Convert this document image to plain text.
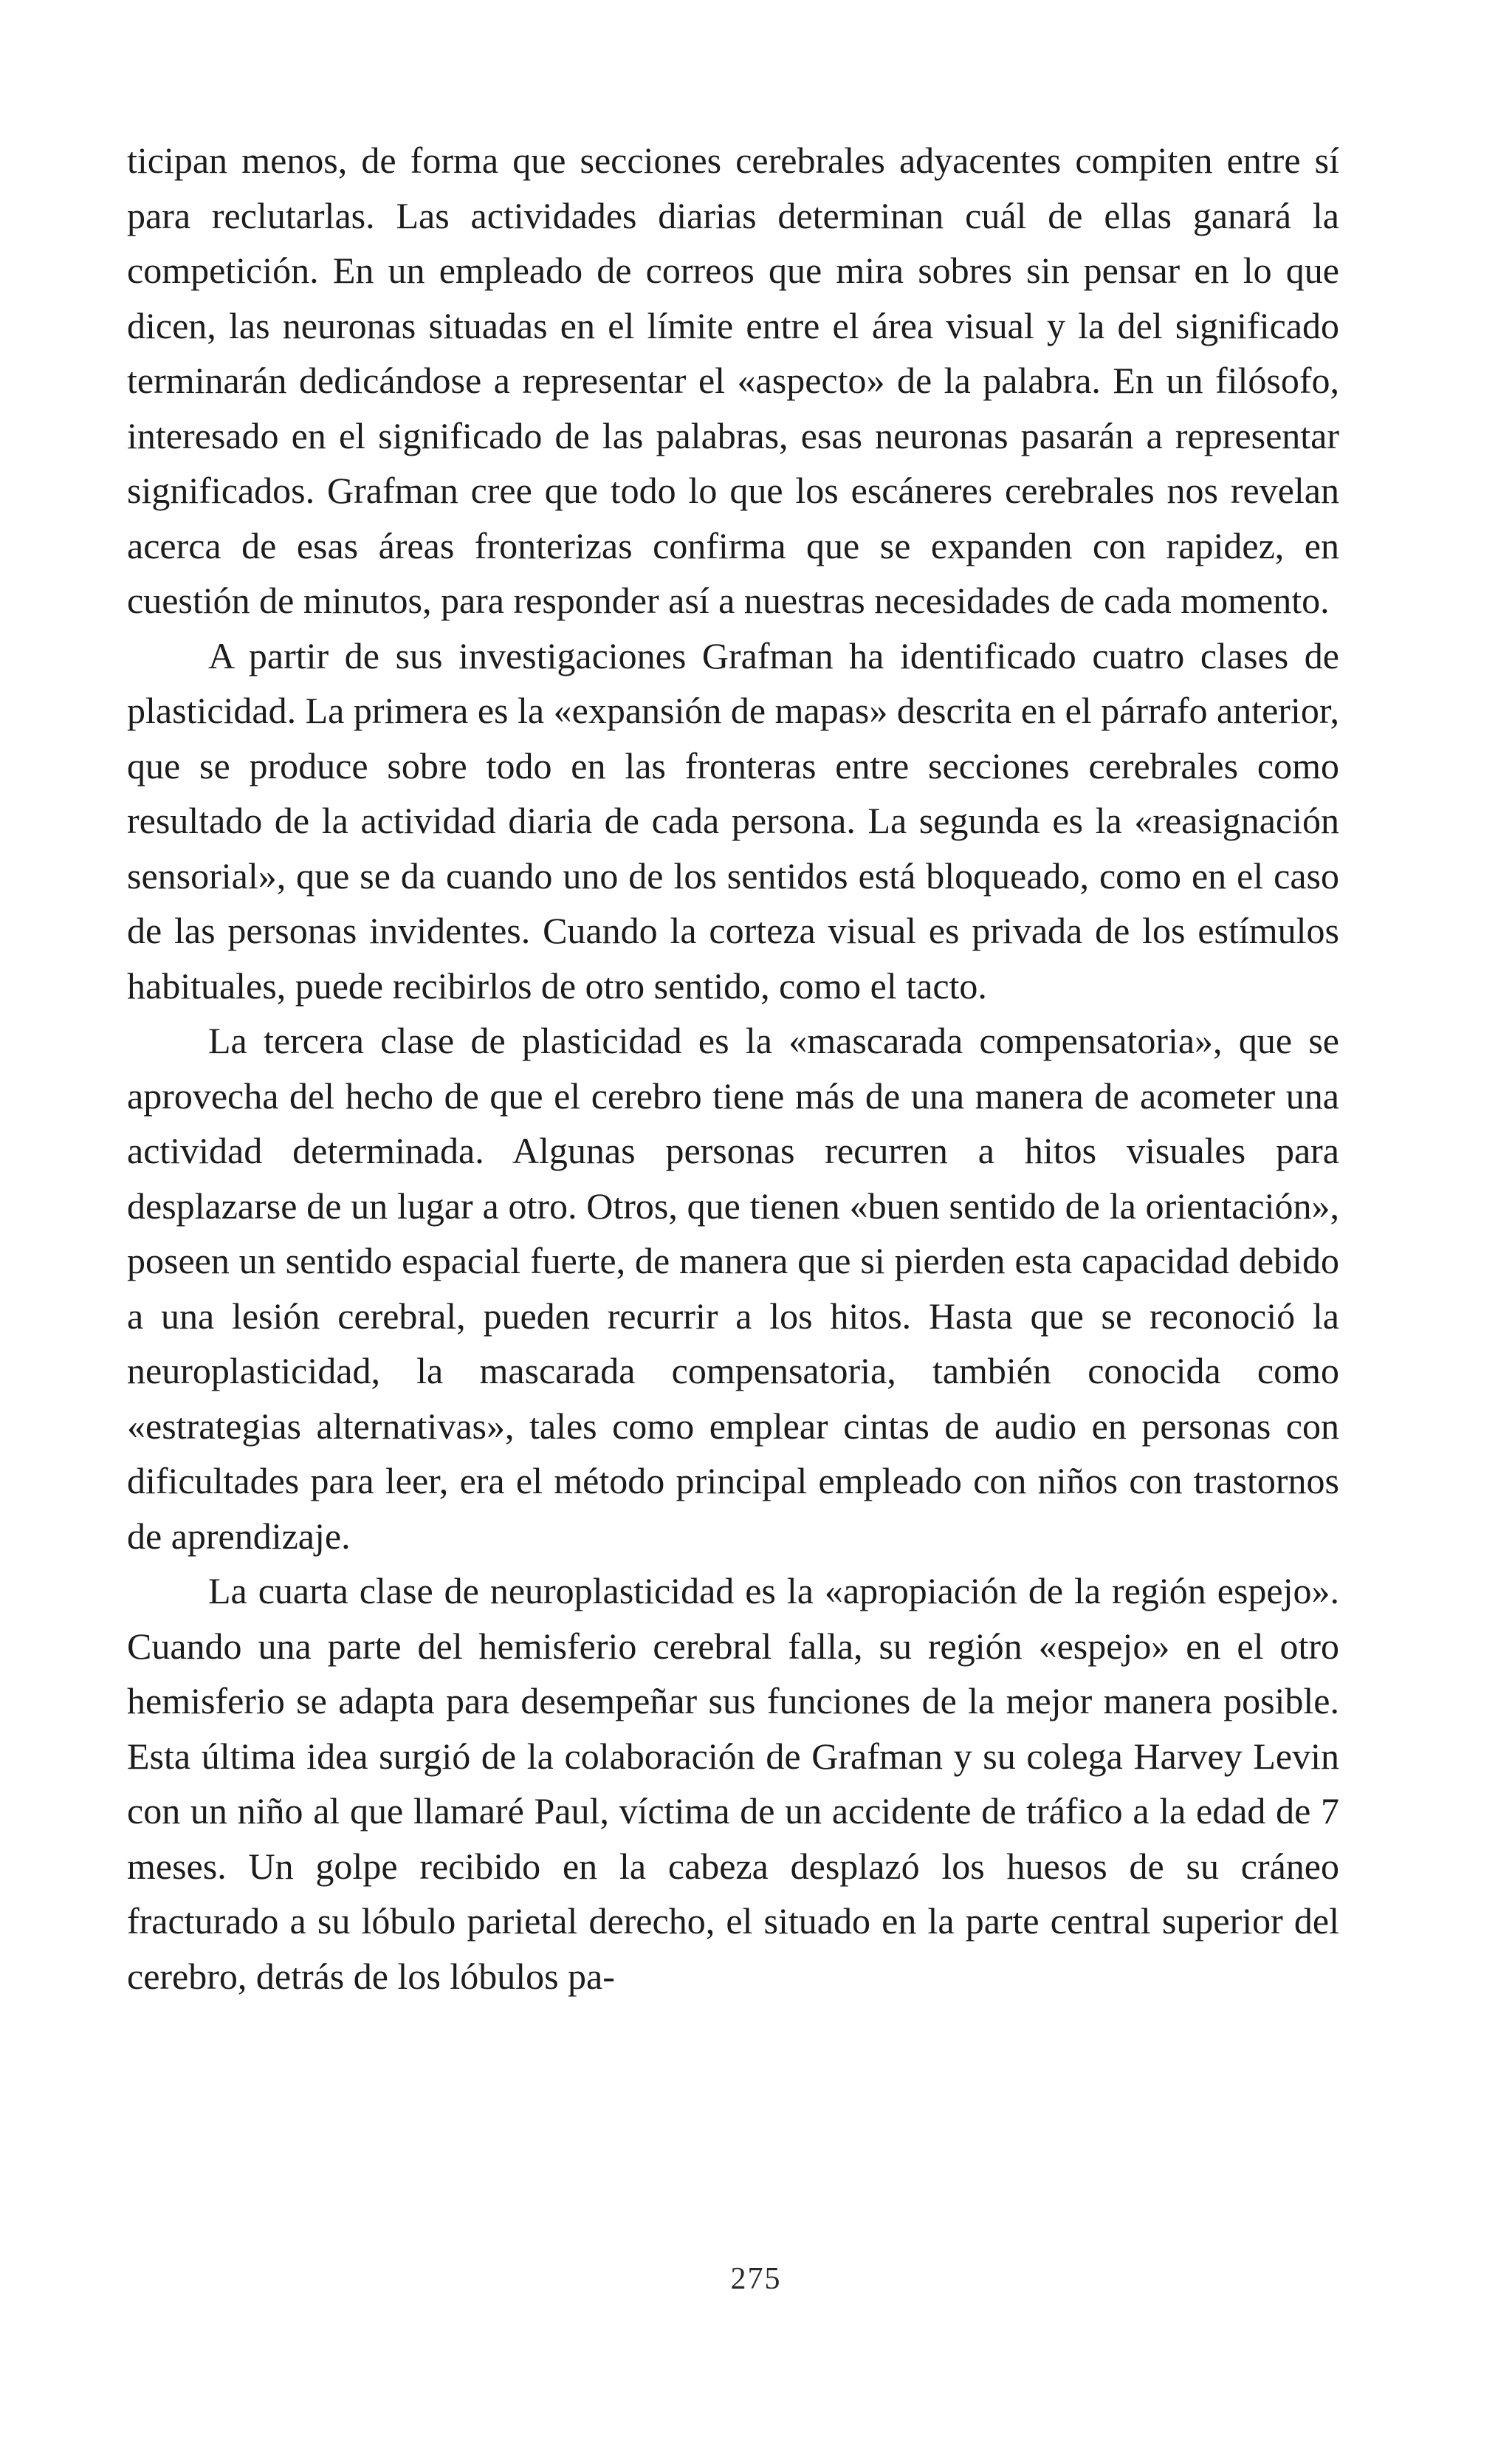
ticipan menos, de forma que secciones cerebrales adyacentes compiten entre sí para reclutarlas. Las actividades diarias determinan cuál de ellas ganará la competición. En un empleado de correos que mira sobres sin pensar en lo que dicen, las neuronas situadas en el límite entre el área visual y la del significado terminarán dedicándose a representar el «aspecto» de la palabra. En un filósofo, interesado en el significado de las palabras, esas neuronas pasarán a representar significados. Grafman cree que todo lo que los escáneres cerebrales nos revelan acerca de esas áreas fronterizas confirma que se expanden con rapidez, en cuestión de minutos, para responder así a nuestras necesidades de cada momento.

A partir de sus investigaciones Grafman ha identificado cuatro clases de plasticidad. La primera es la «expansión de mapas» descrita en el párrafo anterior, que se produce sobre todo en las fronteras entre secciones cerebrales como resultado de la actividad diaria de cada persona. La segunda es la «reasignación sensorial», que se da cuando uno de los sentidos está bloqueado, como en el caso de las personas invidentes. Cuando la corteza visual es privada de los estímulos habituales, puede recibirlos de otro sentido, como el tacto.

La tercera clase de plasticidad es la «mascarada compensatoria», que se aprovecha del hecho de que el cerebro tiene más de una manera de acometer una actividad determinada. Algunas personas recurren a hitos visuales para desplazarse de un lugar a otro. Otros, que tienen «buen sentido de la orientación», poseen un sentido espacial fuerte, de manera que si pierden esta capacidad debido a una lesión cerebral, pueden recurrir a los hitos. Hasta que se reconoció la neuroplasticidad, la mascarada compensatoria, también conocida como «estrategias alternativas», tales como emplear cintas de audio en personas con dificultades para leer, era el método principal empleado con niños con trastornos de aprendizaje.

La cuarta clase de neuroplasticidad es la «apropiación de la región espejo». Cuando una parte del hemisferio cerebral falla, su región «espejo» en el otro hemisferio se adapta para desempeñar sus funciones de la mejor manera posible. Esta última idea surgió de la colaboración de Grafman y su colega Harvey Levin con un niño al que llamaré Paul, víctima de un accidente de tráfico a la edad de 7 meses. Un golpe recibido en la cabeza desplazó los huesos de su cráneo fracturado a su lóbulo parietal derecho, el situado en la parte central superior del cerebro, detrás de los lóbulos pa-

275
